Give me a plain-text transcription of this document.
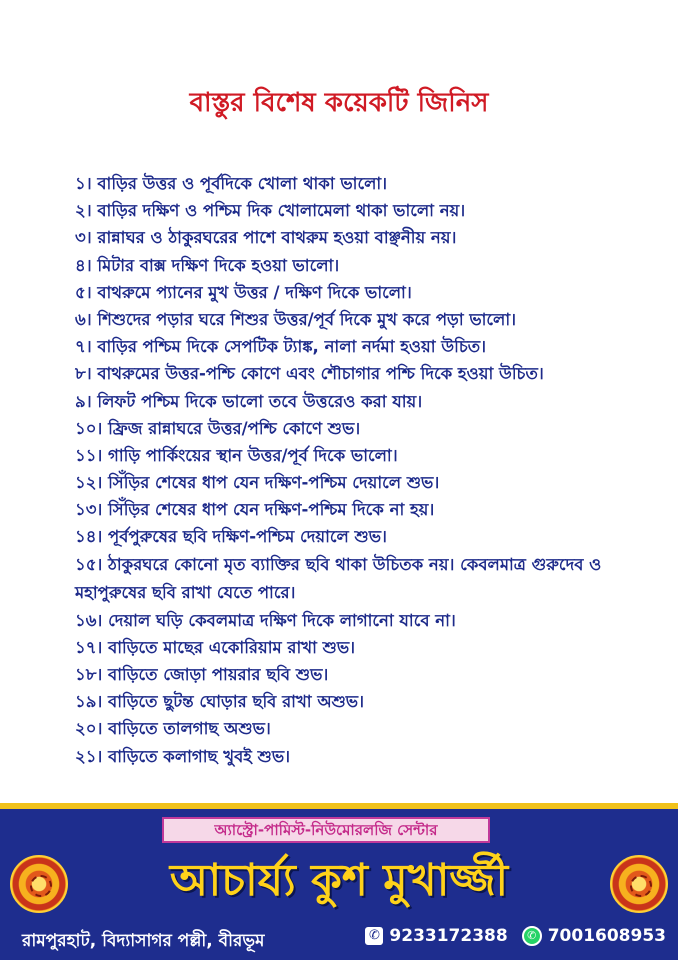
বাস্তুর বিশেষ কয়েকটি জিনিস
১। বাড়ির উত্তর ও পূর্বদিকে খোলা থাকা ভালো।
২। বাড়ির দক্ষিণ ও পশ্চিম দিক খোলামেলা থাকা ভালো নয়।
৩। রান্নাঘর ও ঠাকুরঘরের পাশে বাথরুম হওয়া বাঞ্ছনীয় নয়।
৪। মিটার বাক্স দক্ষিণ দিকে হওয়া ভালো।
৫। বাথরুমে প্যানের মুখ উত্তর / দক্ষিণ দিকে ভালো।
৬। শিশুদের পড়ার ঘরে শিশুর উত্তর/পূর্ব দিকে মুখ করে পড়া ভালো।
৭। বাড়ির পশ্চিম দিকে সেপটিক ট্যাঙ্ক, নালা নর্দমা হওয়া উচিত।
৮। বাথরুমের উত্তর-পশ্চি কোণে এবং শৌচাগার পশ্চি দিকে হওয়া উচিত।
৯। লিফট পশ্চিম দিকে ভালো তবে উত্তরেও করা যায়।
১০। ফ্রিজ রান্নাঘরে উত্তর/পশ্চি কোণে শুভ।
১১। গাড়ি পার্কিংয়ের স্থান উত্তর/পূর্ব দিকে ভালো।
১২। সিঁড়ির শেষের ধাপ যেন দক্ষিণ-পশ্চিম দেয়ালে শুভ।
১৩। সিঁড়ির শেষের ধাপ যেন দক্ষিণ-পশ্চিম দিকে না হয়।
১৪। পূর্বপুরুষের ছবি দক্ষিণ-পশ্চিম দেয়ালে শুভ।
১৫। ঠাকুরঘরে কোনো মৃত ব্যাক্তির ছবি থাকা উচিতক নয়। কেবলমাত্র গুরুদেব ও মহাপুরুষের ছবি রাখা যেতে পারে।
১৬। দেয়াল ঘড়ি কেবলমাত্র দক্ষিণ দিকে লাগানো যাবে না।
১৭। বাড়িতে মাছের একোরিয়াম রাখা শুভ।
১৮। বাড়িতে জোড়া পায়রার ছবি শুভ।
১৯। বাড়িতে ছুটন্ত ঘোড়ার ছবি রাখা অশুভ।
২০। বাড়িতে তালগাছ অশুভ।
২১। বাড়িতে কলাগাছ খুবই শুভ।
অ্যাস্ট্রো-পামিস্ট-নিউমোরলজি সেন্টার
আচার্য্য কুশ মুখার্জ্জী
রামপুরহাট, বিদ্যাসাগর পল্লী, বীরভূম	✆ 9233172388	✆ 7001608953
